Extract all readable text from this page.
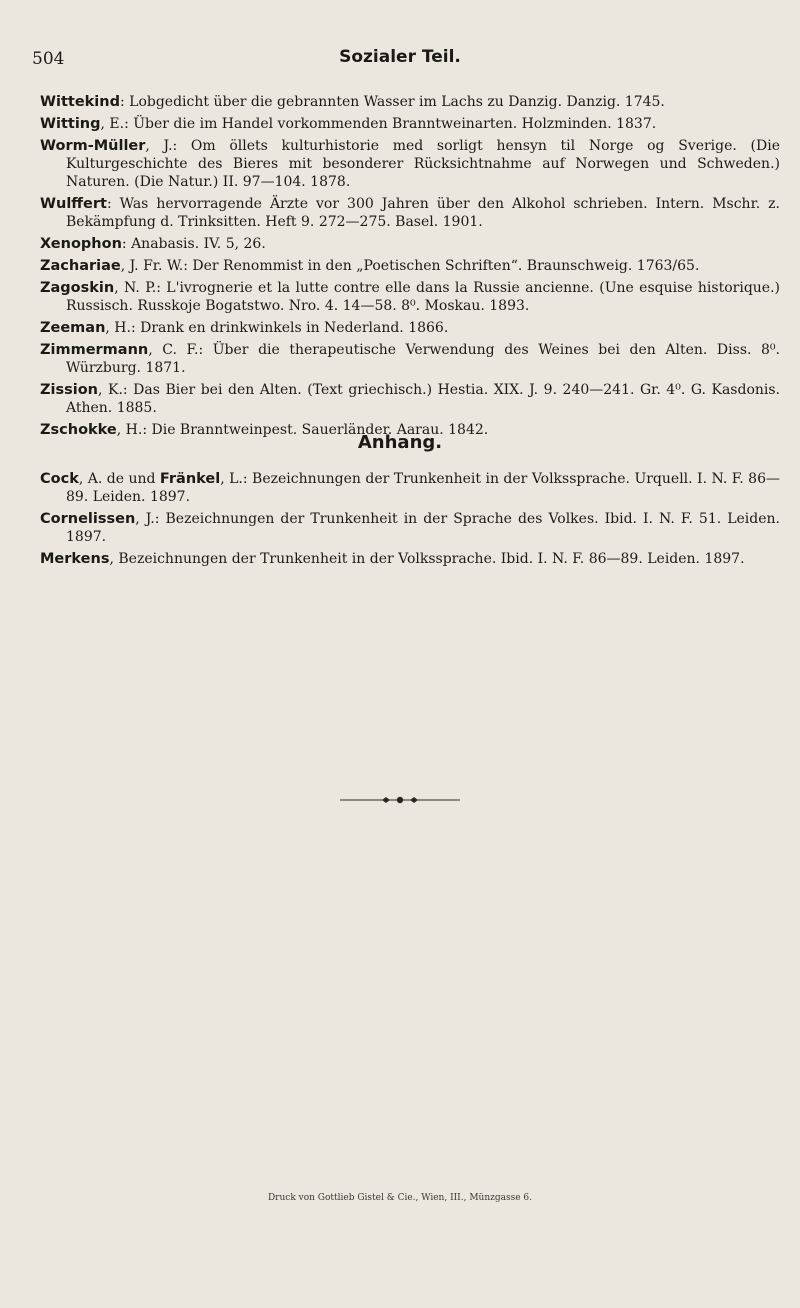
504	Sozialer Teil.

Wittekind: Lobgedicht über die gebrannten Wasser im Lachs zu Danzig. Danzig. 1745.

Witting, E.: Über die im Handel vorkommenden Branntweinarten. Holzminden. 1837.

Worm-Müller, J.: Om öllets kulturhistorie med sorligt hensyn til Norge og Sverige. (Die Kulturgeschichte des Bieres mit besonderer Rücksichtnahme auf Norwegen und Schweden.) Naturen. (Die Natur.) II. 97—104. 1878.

Wulffert: Was hervorragende Ärzte vor 300 Jahren über den Alkohol schrieben. Intern. Mschr. z. Bekämpfung d. Trinksitten. Heft 9. 272—275. Basel. 1901.

Xenophon: Anabasis. IV. 5, 26.

Zachariae, J. Fr. W.: Der Renommist in den „Poetischen Schriften“. Braunschweig. 1763/65.

Zagoskin, N. P.: L'ivrognerie et la lutte contre elle dans la Russie ancienne. (Une esquise historique.) Russisch. Russkoje Bogatstwo. Nro. 4. 14—58. 8⁰. Moskau. 1893.

Zeeman, H.: Drank en drinkwinkels in Nederland. 1866.

Zimmermann, C. F.: Über die therapeutische Verwendung des Weines bei den Alten. Diss. 8⁰. Würzburg. 1871.

Zission, K.: Das Bier bei den Alten. (Text griechisch.) Hestia. XIX. J. 9. 240—241. Gr. 4⁰. G. Kasdonis. Athen. 1885.

Zschokke, H.: Die Branntweinpest. Sauerländer. Aarau. 1842.

Anhang.

Cock, A. de und Fränkel, L.: Bezeichnungen der Trunkenheit in der Volkssprache. Urquell. I. N. F. 86—89. Leiden. 1897.

Cornelissen, J.: Bezeichnungen der Trunkenheit in der Sprache des Volkes. Ibid. I. N. F. 51. Leiden. 1897.

Merkens, Bezeichnungen der Trunkenheit in der Volkssprache. Ibid. I. N. F. 86—89. Leiden. 1897.

Druck von Gottlieb Gistel & Cie., Wien, III., Münzgasse 6.
